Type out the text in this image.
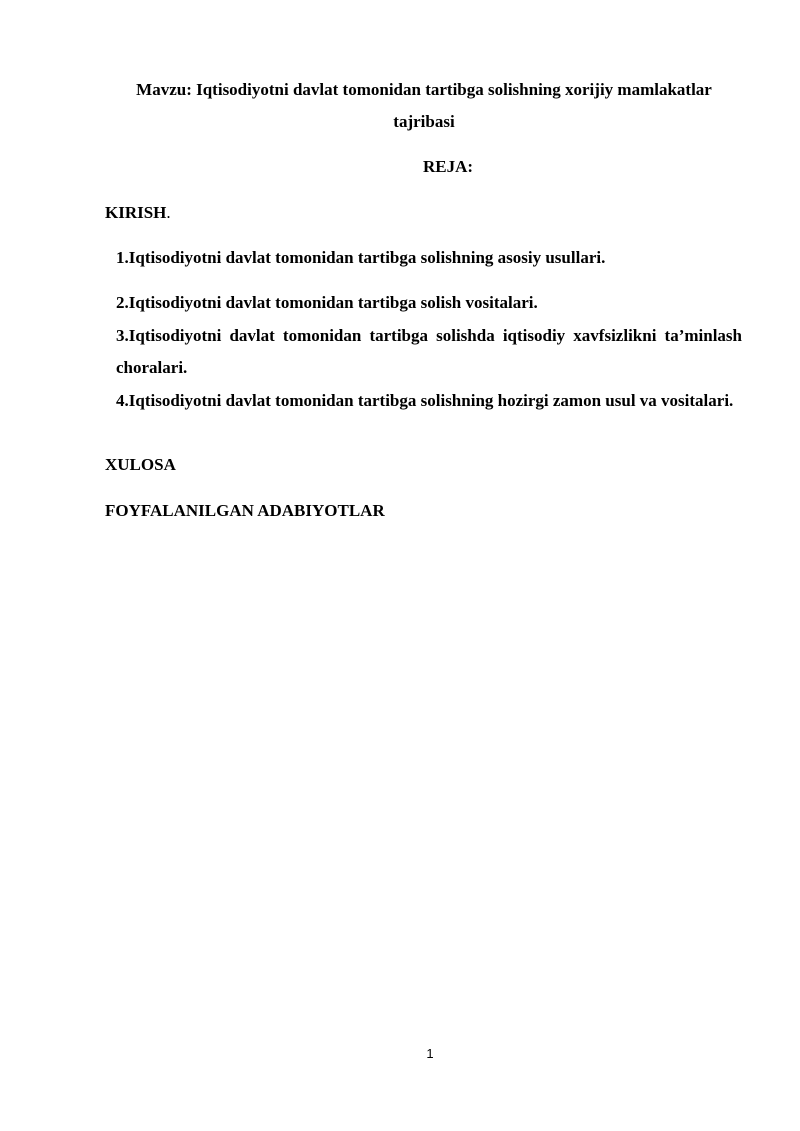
Mavzu: Iqtisodiyotni davlat tomonidan tartibga solishning xorijiy mamlakatlar tajribasi
REJA:
KIRISH.
1.Iqtisodiyotni davlat tomonidan tartibga solishning asosiy usullari.
2.Iqtisodiyotni davlat tomonidan tartibga solish vositalari.
3.Iqtisodiyotni davlat tomonidan tartibga solishda iqtisodiy xavfsizlikni ta’minlash choralari.
4.Iqtisodiyotni davlat tomonidan tartibga solishning hozirgi zamon usul va vositalari.
XULOSA
FOYFALANILGAN ADABIYOTLAR
1
